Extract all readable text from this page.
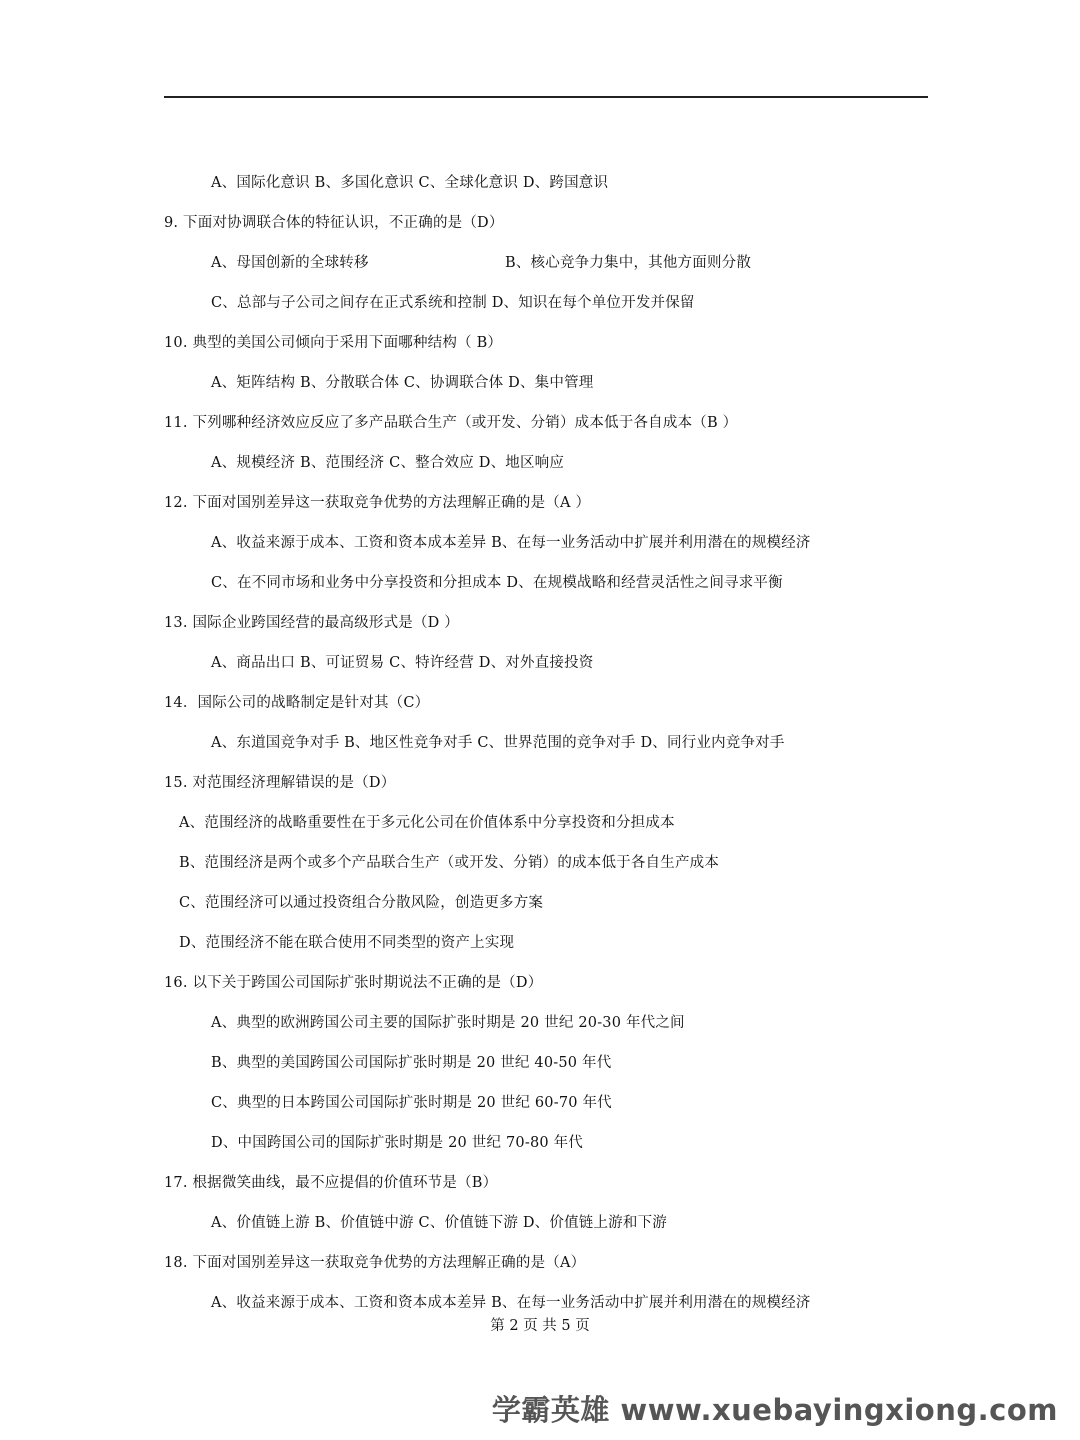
A、国际化意识 B、多国化意识 C、全球化意识 D、跨国意识
9. 下面对协调联合体的特征认识，不正确的是（D）
A、母国创新的全球转移	B、核心竞争力集中，其他方面则分散
C、总部与子公司之间存在正式系统和控制 D、知识在每个单位开发并保留
10. 典型的美国公司倾向于采用下面哪种结构（ B）
A、矩阵结构 B、分散联合体 C、协调联合体 D、集中管理
11. 下列哪种经济效应反应了多产品联合生产（或开发、分销）成本低于各自成本（B ）
A、规模经济 B、范围经济 C、整合效应 D、地区响应
12. 下面对国别差异这一获取竞争优势的方法理解正确的是（A ）
A、收益来源于成本、工资和资本成本差异 B、在每一业务活动中扩展并利用潜在的规模经济
C、在不同市场和业务中分享投资和分担成本 D、在规模战略和经营灵活性之间寻求平衡
13. 国际企业跨国经营的最高级形式是（D ）
A、商品出口 B、可证贸易 C、特许经营 D、对外直接投资
14．国际公司的战略制定是针对其（C）
A、东道国竞争对手 B、地区性竞争对手 C、世界范围的竞争对手 D、同行业内竞争对手
15. 对范围经济理解错误的是（D）
A、范围经济的战略重要性在于多元化公司在价值体系中分享投资和分担成本
B、范围经济是两个或多个产品联合生产（或开发、分销）的成本低于各自生产成本
C、范围经济可以通过投资组合分散风险，创造更多方案
D、范围经济不能在联合使用不同类型的资产上实现
16. 以下关于跨国公司国际扩张时期说法不正确的是（D）
A、典型的欧洲跨国公司主要的国际扩张时期是 20 世纪 20-30 年代之间
B、典型的美国跨国公司国际扩张时期是 20 世纪 40-50 年代
C、典型的日本跨国公司国际扩张时期是 20 世纪 60-70 年代
D、中国跨国公司的国际扩张时期是 20 世纪 70-80 年代
17. 根据微笑曲线，最不应提倡的价值环节是（B）
A、价值链上游 B、价值链中游 C、价值链下游 D、价值链上游和下游
18. 下面对国别差异这一获取竞争优势的方法理解正确的是（A）
A、收益来源于成本、工资和资本成本差异 B、在每一业务活动中扩展并利用潜在的规模经济
第 2 页 共 5 页
学霸英雄 www.xuebayingxiong.com
